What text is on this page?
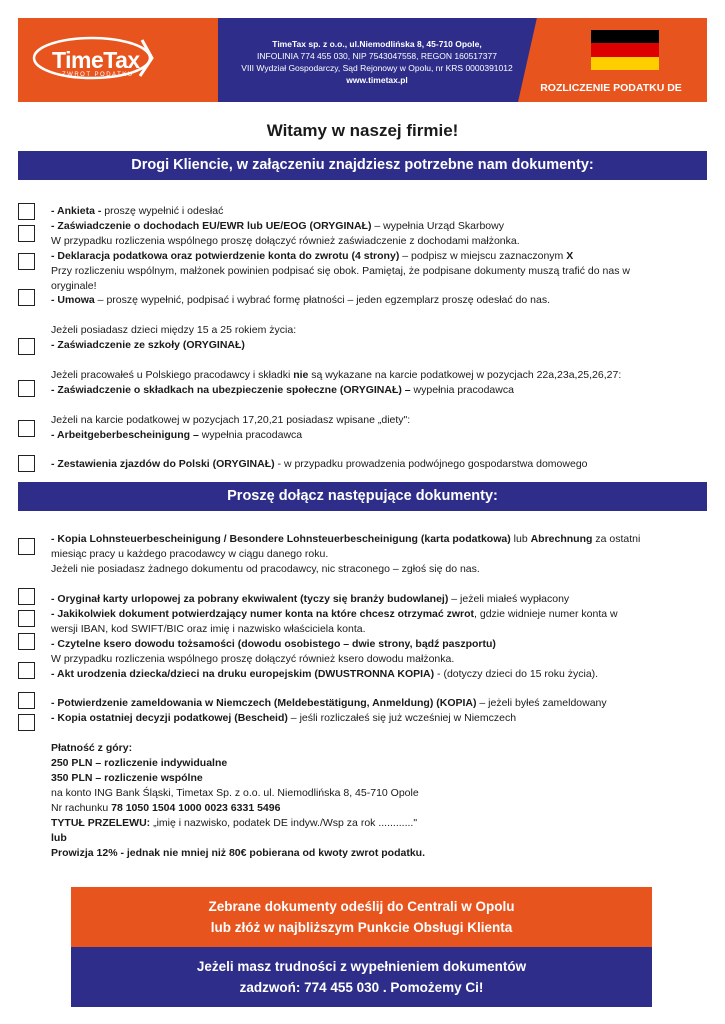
TimeTax
ZWROT PODATKU
TimeTax sp. z o.o., ul.Niemodlińska 8, 45-710 Opole,
INFOLINIA 774 455 030, NIP 7543047558, REGON 160517377
VIII Wydział Gospodarczy, Sąd Rejonowy w Opolu, nr KRS 0000391012
www.timetax.pl
ROZLICZENIE PODATKU DE
Witamy w naszej firmie!
Drogi Kliencie, w załączeniu znajdziesz potrzebne nam dokumenty:
- Ankieta - proszę wypełnić i odesłać
- Zaświadczenie o dochodach EU/EWR lub UE/EOG (ORYGINAŁ) – wypełnia Urząd Skarbowy
W przypadku rozliczenia wspólnego proszę dołączyć również zaświadczenie z dochodami małżonka.
- Deklaracja podatkowa oraz potwierdzenie konta do zwrotu (4 strony) – podpisz w miejscu zaznaczonym X
Przy rozliczeniu wspólnym, małżonek powinien podpisać się obok. Pamiętaj, że podpisane dokumenty muszą trafić do nas w
oryginale!
- Umowa – proszę wypełnić, podpisać i wybrać formę płatności – jeden egzemplarz proszę odesłać do nas.
Jeżeli posiadasz dzieci między 15 a 25 rokiem życia:
- Zaświadczenie ze szkoły (ORYGINAŁ)
Jeżeli pracowałeś u Polskiego pracodawcy i składki nie są wykazane na karcie podatkowej w pozycjach 22a,23a,25,26,27:
- Zaświadczenie o składkach na ubezpieczenie społeczne (ORYGINAŁ) – wypełnia pracodawca
Jeżeli na karcie podatkowej w pozycjach 17,20,21 posiadasz wpisane „diety":
- Arbeitgeberbescheinigung – wypełnia pracodawca
- Zestawienia zjazdów do Polski (ORYGINAŁ) - w przypadku prowadzenia podwójnego gospodarstwa domowego
Proszę dołącz następujące dokumenty:
- Kopia Lohnsteuerbescheinigung / Besondere Lohnsteuerbescheinigung (karta podatkowa) lub Abrechnung za ostatni
miesiąc pracy u każdego pracodawcy w ciągu danego roku.
Jeżeli nie posiadasz żadnego dokumentu od pracodawcy, nic straconego – zgłoś się do nas.
- Oryginał karty urlopowej za pobrany ekwiwalent (tyczy się branży budowlanej) – jeżeli miałeś wypłacony
- Jakikolwiek dokument potwierdzający numer konta na które chcesz otrzymać zwrot, gdzie widnieje numer konta w
wersji IBAN, kod SWIFT/BIC oraz imię i nazwisko właściciela konta.
- Czytelne ksero dowodu tożsamości (dowodu osobistego – dwie strony, bądź paszportu)
W przypadku rozliczenia wspólnego proszę dołączyć również ksero dowodu małżonka.
- Akt urodzenia dziecka/dzieci na druku europejskim (DWUSTRONNA KOPIA) - (dotyczy dzieci do 15 roku życia).
- Potwierdzenie zameldowania w Niemczech (Meldebestätigung, Anmeldung) (KOPIA) – jeżeli byłeś zameldowany
- Kopia ostatniej decyzji podatkowej (Bescheid) – jeśli rozliczałeś się już wcześniej w Niemczech
Płatność z góry:
250 PLN – rozliczenie indywidualne
350 PLN – rozliczenie wspólne
na konto ING Bank Śląski, Timetax Sp. z o.o. ul. Niemodlińska 8, 45-710 Opole
Nr rachunku 78 1050 1504 1000 0023 6331 5496
TYTUŁ PRZELEWU: „imię i nazwisko, podatek DE indyw./Wsp za rok ............"
lub
Prowizja 12% - jednak nie mniej niż 80€ pobierana od kwoty zwrot podatku.
Zebrane dokumenty odeślij do Centrali w Opolu
lub złóż w najbliższym Punkcie Obsługi Klienta
Jeżeli masz trudności z wypełnieniem dokumentów
zadzwoń: 774 455 030 . Pomożemy Ci!
